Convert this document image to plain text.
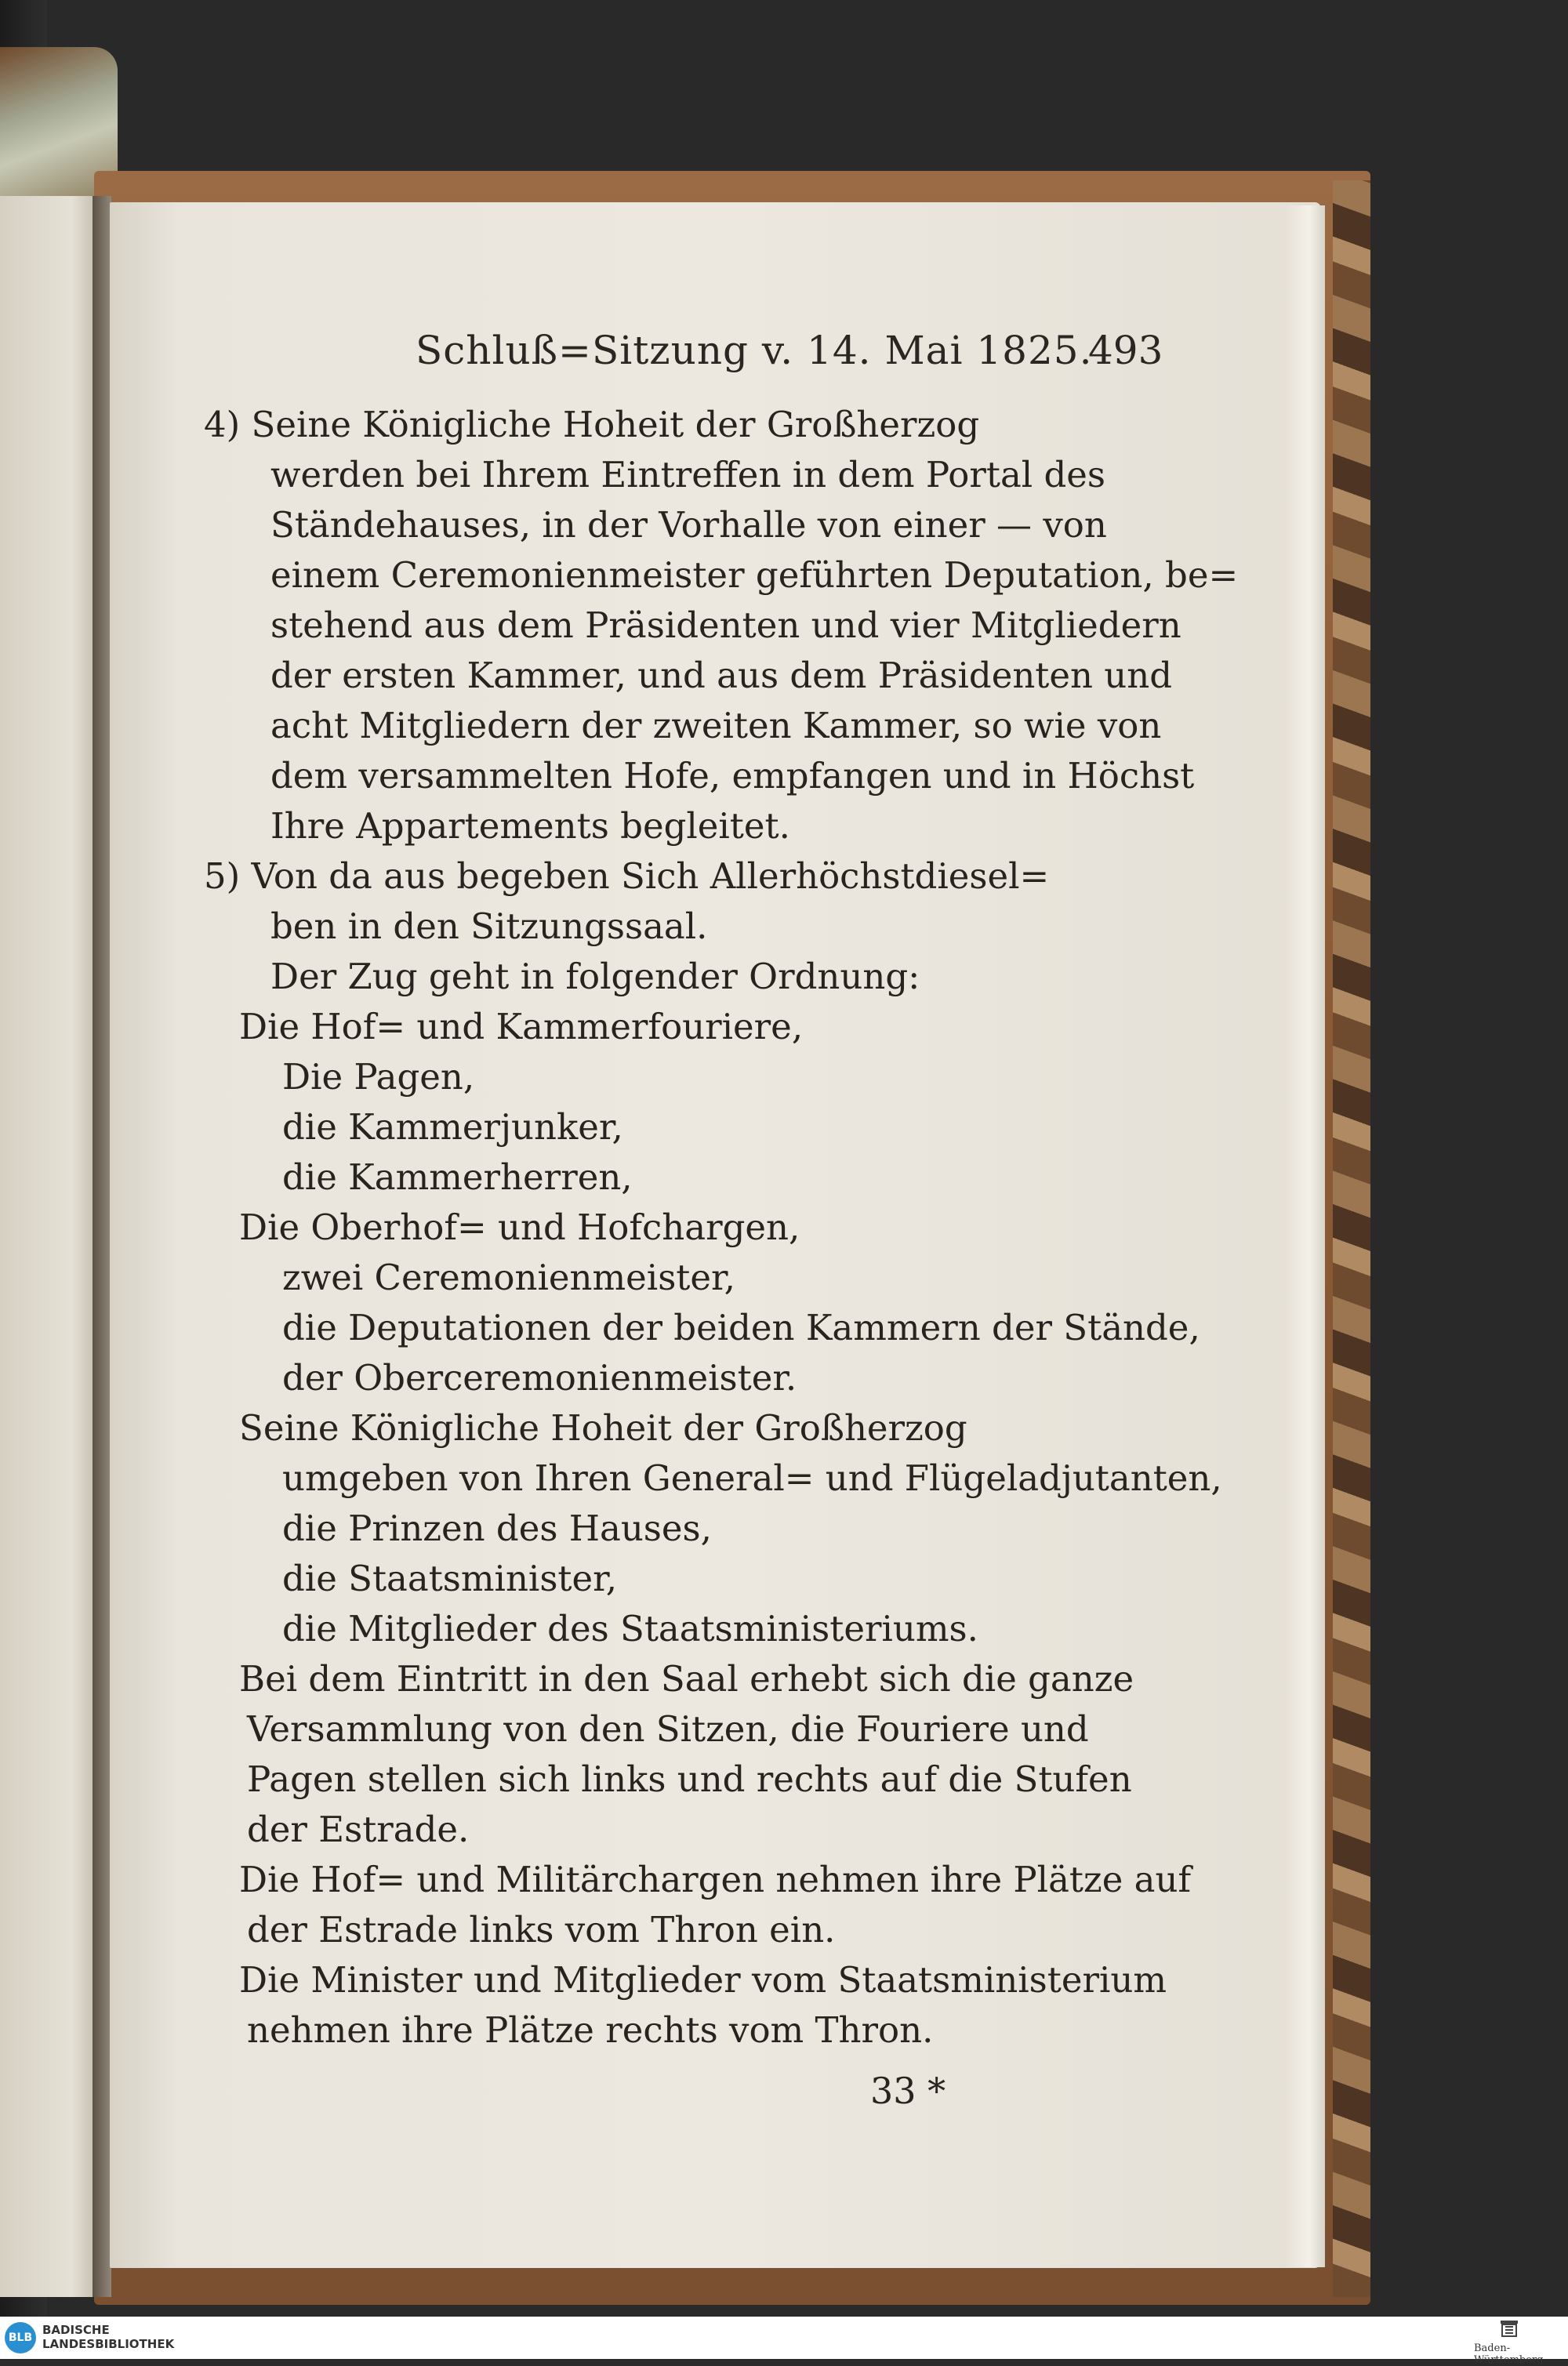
Schluß=Sitzung v. 14. Mai 1825.
493
4) Seine Königliche Hoheit der Großherzog
werden bei Ihrem Eintreffen in dem Portal des
Ständehauses, in der Vorhalle von einer — von
einem Ceremonienmeister geführten Deputation, be=
stehend aus dem Präsidenten und vier Mitgliedern
der ersten Kammer, und aus dem Präsidenten und
acht Mitgliedern der zweiten Kammer, so wie von
dem versammelten Hofe, empfangen und in Höchst
Ihre Appartements begleitet.
5) Von da aus begeben Sich Allerhöchstdiesel=
ben in den Sitzungssaal.
Der Zug geht in folgender Ordnung:
Die Hof= und Kammerfouriere,
Die Pagen,
die Kammerjunker,
die Kammerherren,
Die Oberhof= und Hofchargen,
zwei Ceremonienmeister,
die Deputationen der beiden Kammern der Stände,
der Oberceremonienmeister.
Seine Königliche Hoheit der Großherzog
umgeben von Ihren General= und Flügeladjutanten,
die Prinzen des Hauses,
die Staatsminister,
die Mitglieder des Staatsministeriums.
Bei dem Eintritt in den Saal erhebt sich die ganze
Versammlung von den Sitzen, die Fouriere und
Pagen stellen sich links und rechts auf die Stufen
der Estrade.
Die Hof= und Militärchargen nehmen ihre Plätze auf
der Estrade links vom Thron ein.
Die Minister und Mitglieder vom Staatsministerium
nehmen ihre Plätze rechts vom Thron.
33 *
BLB
BADISCHE
LANDESBIBLIOTHEK	Baden-Württemberg
